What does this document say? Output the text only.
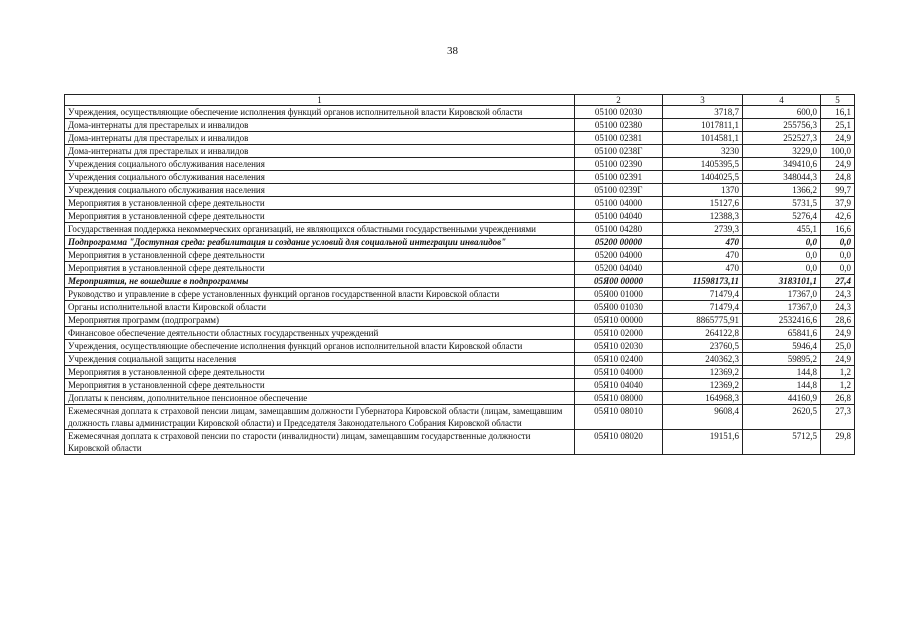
38
1	2	3	4	5
Учреждения, осуществляющие обеспечение исполнения функций органов исполнительной власти Кировской области	05100 02030	3718,7	600,0	16,1
Дома-интернаты для престарелых и инвалидов	05100 02380	1017811,1	255756,3	25,1
Дома-интернаты для престарелых и инвалидов	05100 02381	1014581,1	252527,3	24,9
Дома-интернаты для престарелых и инвалидов	05100 0238Г	3230	3229,0	100,0
Учреждения социального обслуживания населения	05100 02390	1405395,5	349410,6	24,9
Учреждения социального обслуживания населения	05100 02391	1404025,5	348044,3	24,8
Учреждения социального обслуживания населения	05100 0239Г	1370	1366,2	99,7
Мероприятия в установленной сфере деятельности	05100 04000	15127,6	5731,5	37,9
Мероприятия в установленной сфере деятельности	05100 04040	12388,3	5276,4	42,6
Государственная поддержка некоммерческих организаций, не являющихся областными государственными учреждениями	05100 04280	2739,3	455,1	16,6
Подпрограмма "Доступная среда: реабилитация и создание условий для социальной интеграции инвалидов"	05200 00000	470	0,0	0,0
Мероприятия в установленной сфере деятельности	05200 04000	470	0,0	0,0
Мероприятия в установленной сфере деятельности	05200 04040	470	0,0	0,0
Мероприятия, не вошедшие в подпрограммы	05Я00 00000	11598173,11	3183101,1	27,4
Руководство и управление в сфере установленных функций органов государственной власти Кировской области	05Я00 01000	71479,4	17367,0	24,3
Органы исполнительной власти Кировской области	05Я00 01030	71479,4	17367,0	24,3
Мероприятия программ (подпрограмм)	05Я10 00000	8865775,91	2532416,6	28,6
Финансовое обеспечение деятельности областных государственных учреждений	05Я10 02000	264122,8	65841,6	24,9
Учреждения, осуществляющие обеспечение исполнения функций органов исполнительной власти Кировской области	05Я10 02030	23760,5	5946,4	25,0
Учреждения социальной защиты населения	05Я10 02400	240362,3	59895,2	24,9
Мероприятия в установленной сфере деятельности	05Я10 04000	12369,2	144,8	1,2
Мероприятия в установленной сфере деятельности	05Я10 04040	12369,2	144,8	1,2
Доплаты к пенсиям, дополнительное пенсионное обеспечение	05Я10 08000	164968,3	44160,9	26,8
Ежемесячная доплата к страховой пенсии лицам, замещавшим должности Губернатора Кировской области (лицам, замещавшим должность главы администрации Кировской области) и Председателя Законодательного Собрания Кировской области	05Я10 08010	9608,4	2620,5	27,3
Ежемесячная доплата к страховой пенсии по старости (инвалидности) лицам, замещавшим государственные должности Кировской области	05Я10 08020	19151,6	5712,5	29,8
